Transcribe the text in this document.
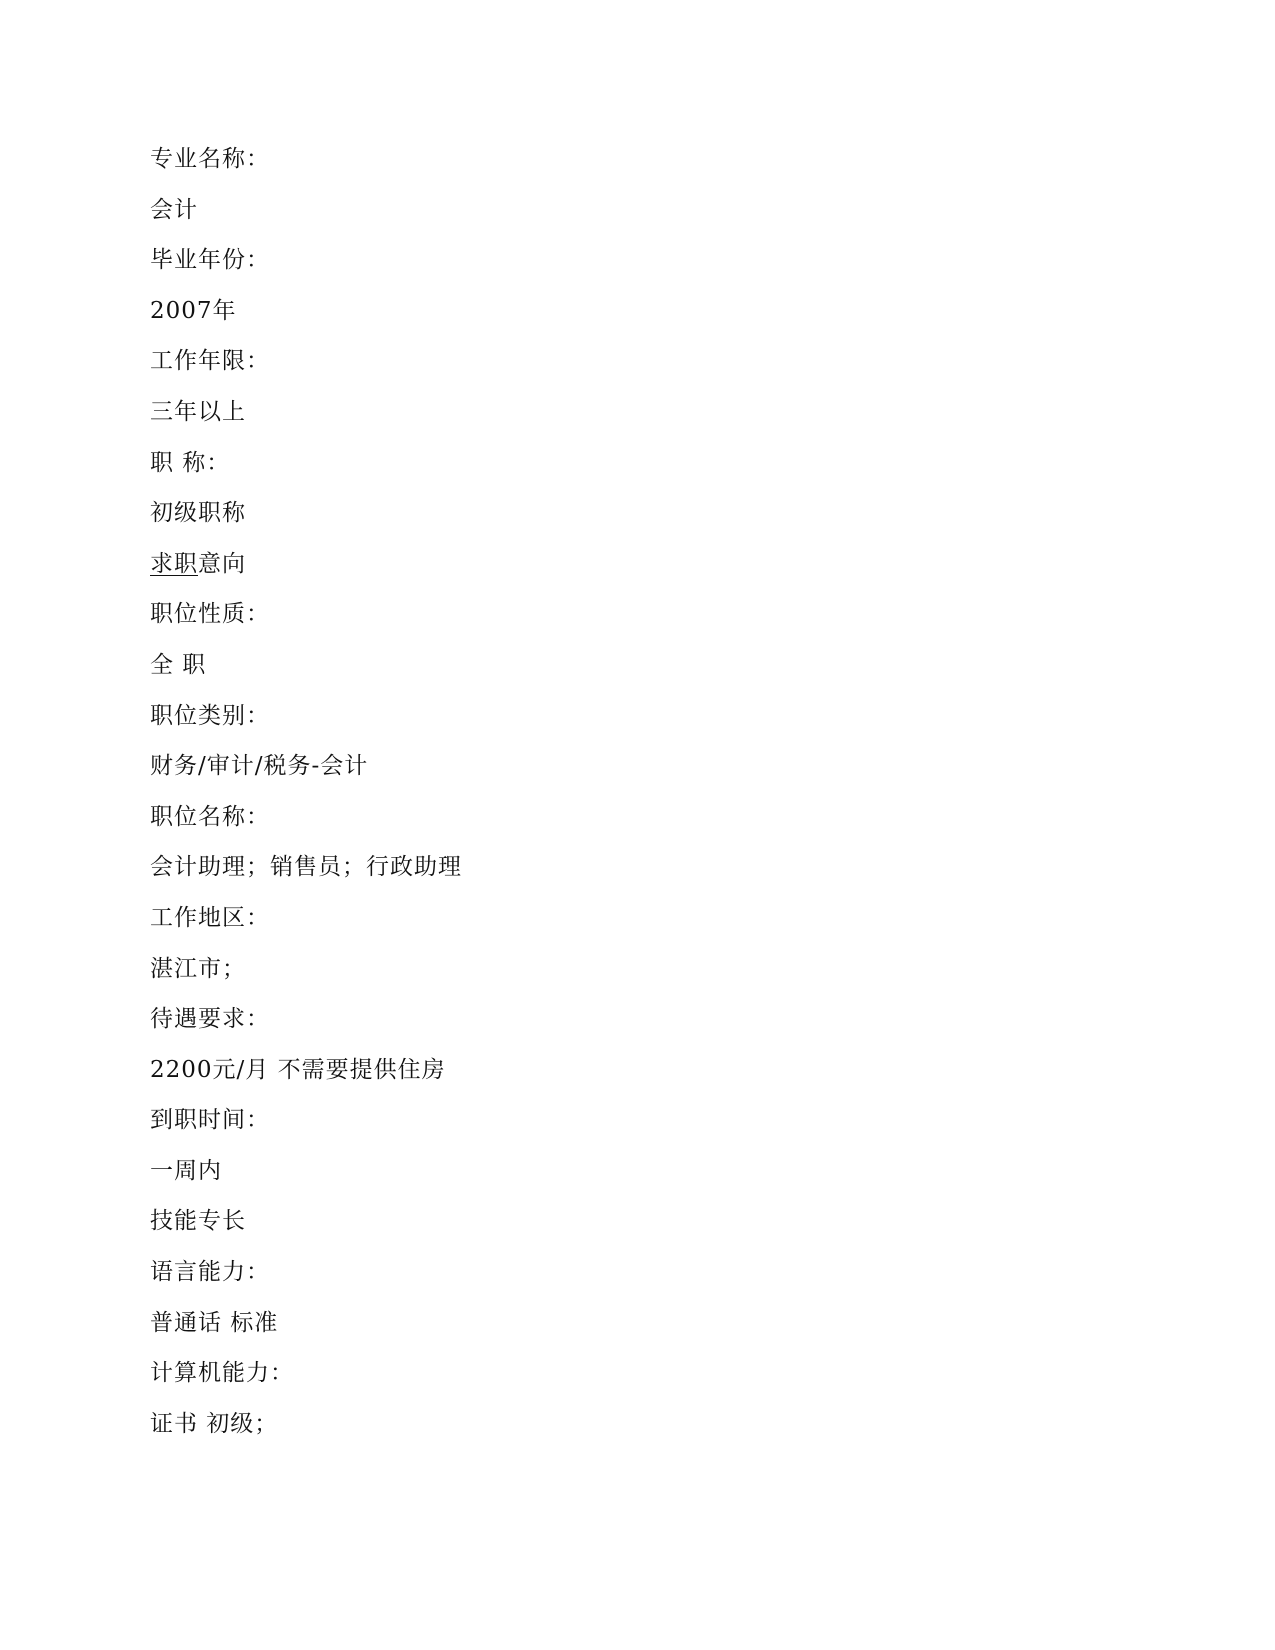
专业名称：
会计
毕业年份：
2007年
工作年限：
三年以上
职 称：
初级职称
求职意向
职位性质：
全 职
职位类别：
财务/审计/税务-会计
职位名称：
会计助理；销售员；行政助理
工作地区：
湛江市；
待遇要求：
2200元/月 不需要提供住房
到职时间：
一周内
技能专长
语言能力：
普通话 标准
计算机能力：
证书 初级；
